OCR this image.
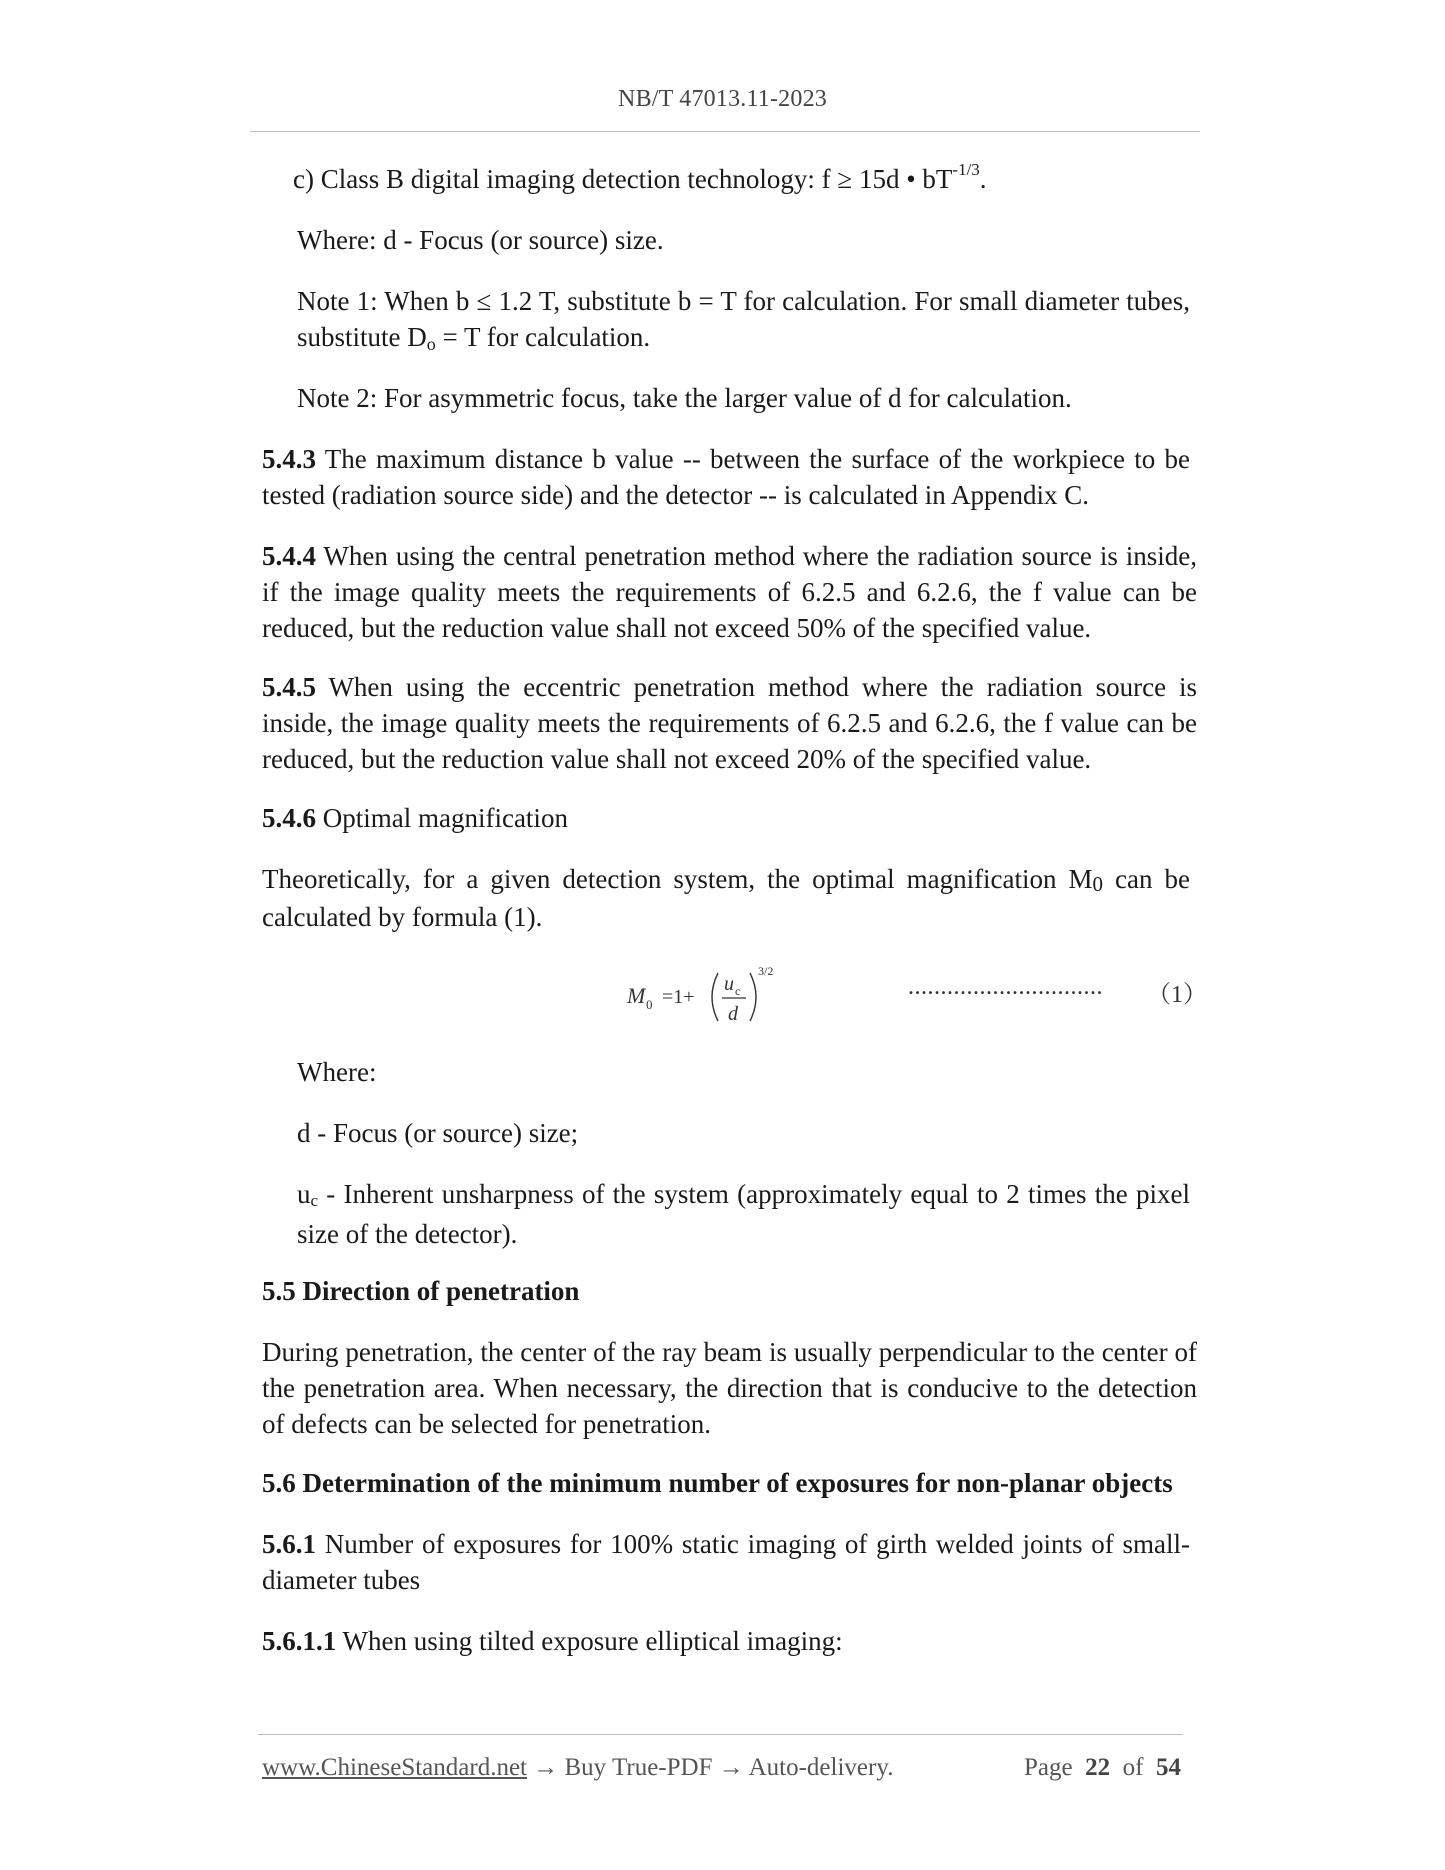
NB/T 47013.11-2023
c) Class B digital imaging detection technology: f ≥ 15d • $bT^{-1/3}$.
Where: d - Focus (or source) size.
Note 1: When b ≤ 1.2 T, substitute b = T for calculation. For small diameter tubes, substitute Do = T for calculation.
Note 2: For asymmetric focus, take the larger value of d for calculation.
5.4.3 The maximum distance b value -- between the surface of the workpiece to be tested (radiation source side) and the detector -- is calculated in Appendix C.
5.4.4 When using the central penetration method where the radiation source is inside, if the image quality meets the requirements of 6.2.5 and 6.2.6, the f value can be reduced, but the reduction value shall not exceed 50% of the specified value.
5.4.5 When using the eccentric penetration method where the radiation source is inside, the image quality meets the requirements of 6.2.5 and 6.2.6, the f value can be reduced, but the reduction value shall not exceed 20% of the specified value.
5.4.6 Optimal magnification
Theoretically, for a given detection system, the optimal magnification M0 can be calculated by formula (1).
M 0 =1+
u c
d
3/2
.............................. （1）
Where:
d - Focus (or source) size;
uc - Inherent unsharpness of the system (approximately equal to 2 times the pixel size of the detector).
5.5 Direction of penetration
During penetration, the center of the ray beam is usually perpendicular to the center of the penetration area. When necessary, the direction that is conducive to the detection of defects can be selected for penetration.
5.6 Determination of the minimum number of exposures for non-planar objects
5.6.1 Number of exposures for 100% static imaging of girth welded joints of small-diameter tubes
5.6.1.1 When using tilted exposure elliptical imaging:
www.ChineseStandard.net → Buy True-PDF → Auto-delivery.	Page 22 of 54
